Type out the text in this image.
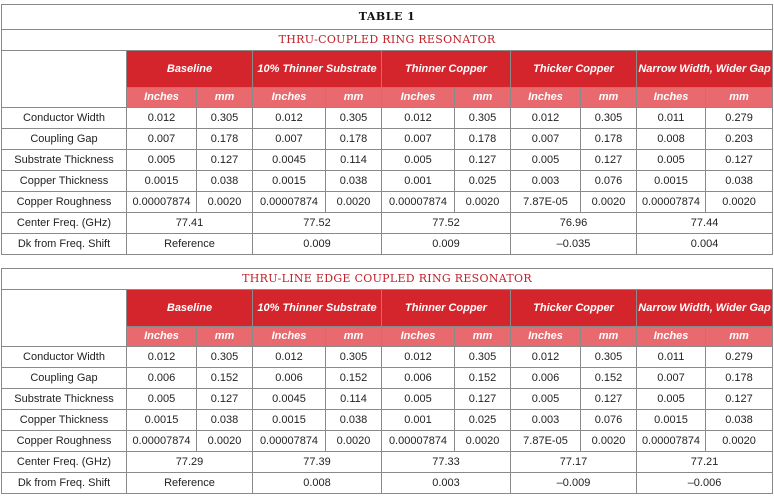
TABLE 1										
THRU-COUPLED RING RESONATOR										
	Baseline		10% Thinner Substrate		Thinner Copper		Thicker Copper		Narrow Width, Wider Gap	
	Inches	mm	Inches	mm	Inches	mm	Inches	mm	Inches	mm
Conductor Width	0.012	0.305	0.012	0.305	0.012	0.305	0.012	0.305	0.011	0.279
Coupling Gap	0.007	0.178	0.007	0.178	0.007	0.178	0.007	0.178	0.008	0.203
Substrate Thickness	0.005	0.127	0.0045	0.114	0.005	0.127	0.005	0.127	0.005	0.127
Copper Thickness	0.0015	0.038	0.0015	0.038	0.001	0.025	0.003	0.076	0.0015	0.038
Copper Roughness	0.00007874	0.0020	0.00007874	0.0020	0.00007874	0.0020	7.87E-05	0.0020	0.00007874	0.0020
Center Freq. (GHz)	77.41		77.52		77.52		76.96		77.44	
Dk from Freq. Shift	Reference		0.009		0.009		–0.035		0.004	
THRU-LINE EDGE COUPLED RING RESONATOR										
	Baseline		10% Thinner Substrate		Thinner Copper		Thicker Copper		Narrow Width, Wider Gap	
	Inches	mm	Inches	mm	Inches	mm	Inches	mm	Inches	mm
Conductor Width	0.012	0.305	0.012	0.305	0.012	0.305	0.012	0.305	0.011	0.279
Coupling Gap	0.006	0.152	0.006	0.152	0.006	0.152	0.006	0.152	0.007	0.178
Substrate Thickness	0.005	0.127	0.0045	0.114	0.005	0.127	0.005	0.127	0.005	0.127
Copper Thickness	0.0015	0.038	0.0015	0.038	0.001	0.025	0.003	0.076	0.0015	0.038
Copper Roughness	0.00007874	0.0020	0.00007874	0.0020	0.00007874	0.0020	7.87E-05	0.0020	0.00007874	0.0020
Center Freq. (GHz)	77.29		77.39		77.33		77.17		77.21	
Dk from Freq. Shift	Reference		0.008		0.003		–0.009		–0.006	
